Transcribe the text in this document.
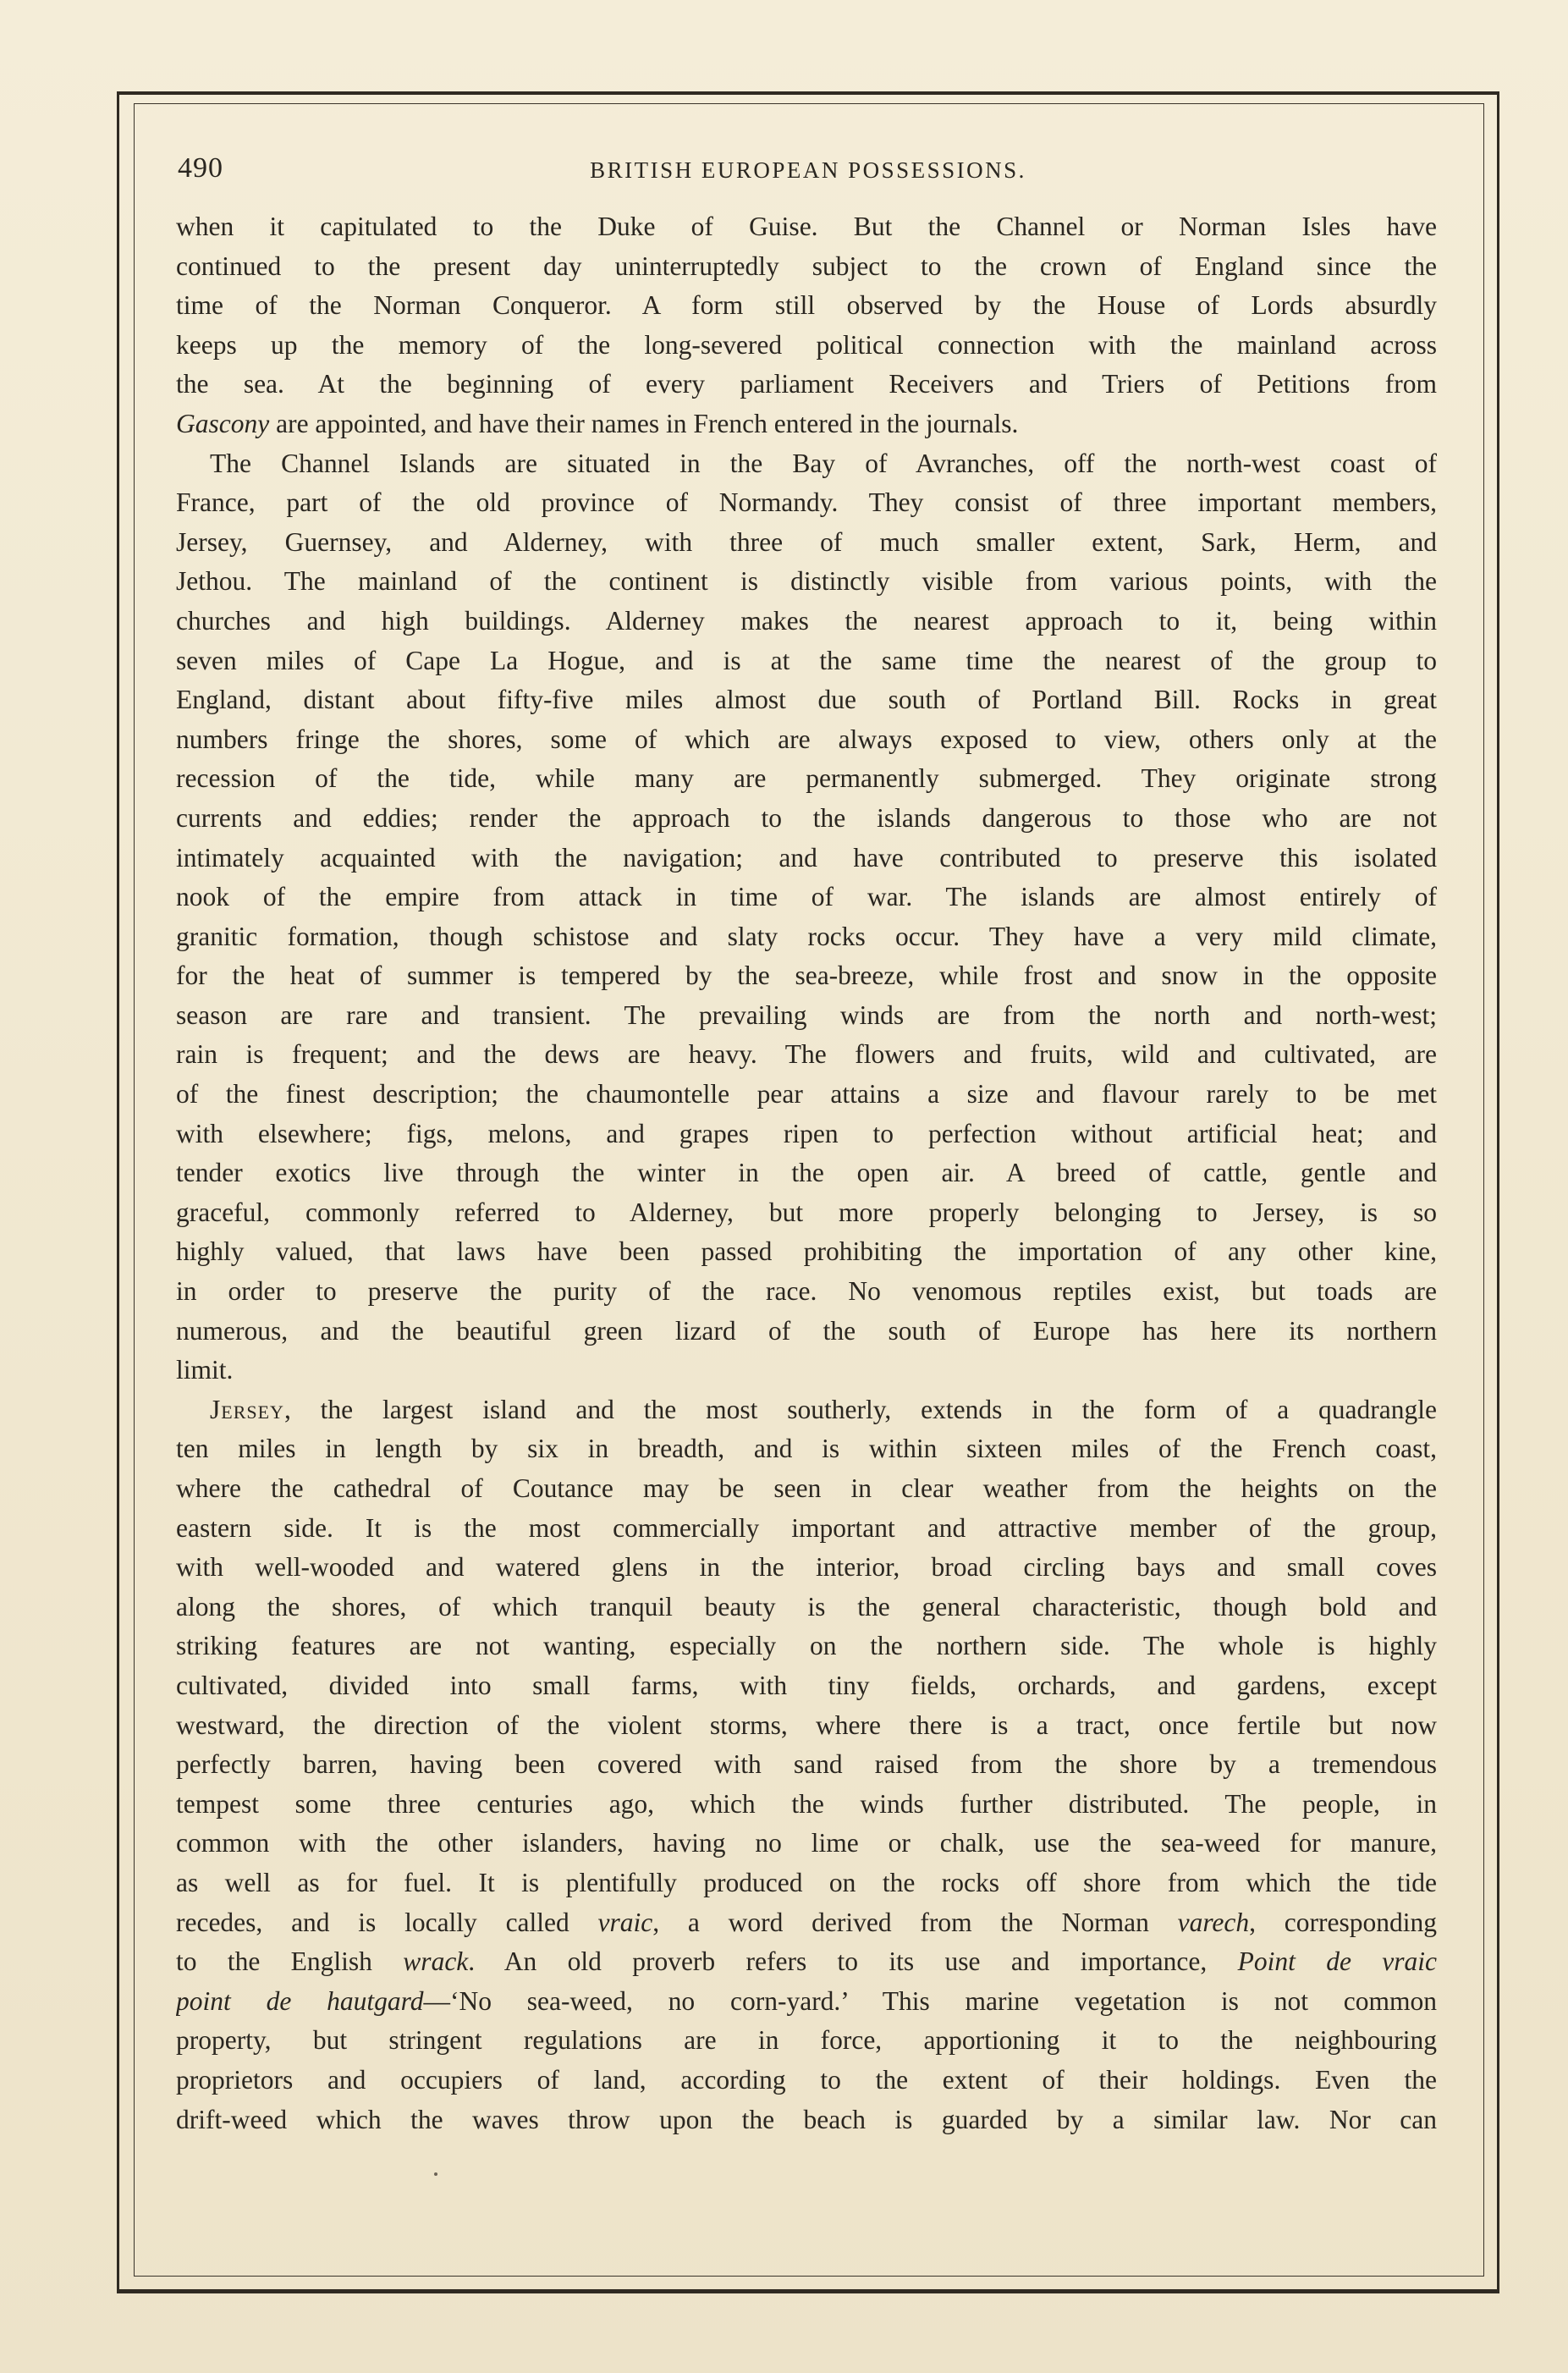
490	BRITISH EUROPEAN POSSESSIONS.
when it capitulated to the Duke of Guise. But the Channel or Norman Isles have
continued to the present day uninterruptedly subject to the crown of England since the
time of the Norman Conqueror. A form still observed by the House of Lords absurdly
keeps up the memory of the long-severed political connection with the mainland across
the sea. At the beginning of every parliament Receivers and Triers of Petitions from
Gascony are appointed, and have their names in French entered in the journals.
The Channel Islands are situated in the Bay of Avranches, off the north-west coast of
France, part of the old province of Normandy. They consist of three important members,
Jersey, Guernsey, and Alderney, with three of much smaller extent, Sark, Herm, and
Jethou. The mainland of the continent is distinctly visible from various points, with the
churches and high buildings. Alderney makes the nearest approach to it, being within
seven miles of Cape La Hogue, and is at the same time the nearest of the group to
England, distant about fifty-five miles almost due south of Portland Bill. Rocks in great
numbers fringe the shores, some of which are always exposed to view, others only at the
recession of the tide, while many are permanently submerged. They originate strong
currents and eddies; render the approach to the islands dangerous to those who are not
intimately acquainted with the navigation; and have contributed to preserve this isolated
nook of the empire from attack in time of war. The islands are almost entirely of
granitic formation, though schistose and slaty rocks occur. They have a very mild climate,
for the heat of summer is tempered by the sea-breeze, while frost and snow in the opposite
season are rare and transient. The prevailing winds are from the north and north-west;
rain is frequent; and the dews are heavy. The flowers and fruits, wild and cultivated, are
of the finest description; the chaumontelle pear attains a size and flavour rarely to be met
with elsewhere; figs, melons, and grapes ripen to perfection without artificial heat; and
tender exotics live through the winter in the open air. A breed of cattle, gentle and
graceful, commonly referred to Alderney, but more properly belonging to Jersey, is so
highly valued, that laws have been passed prohibiting the importation of any other kine,
in order to preserve the purity of the race. No venomous reptiles exist, but toads are
numerous, and the beautiful green lizard of the south of Europe has here its northern
limit.
Jersey, the largest island and the most southerly, extends in the form of a quadrangle
ten miles in length by six in breadth, and is within sixteen miles of the French coast,
where the cathedral of Coutance may be seen in clear weather from the heights on the
eastern side. It is the most commercially important and attractive member of the group,
with well-wooded and watered glens in the interior, broad circling bays and small coves
along the shores, of which tranquil beauty is the general characteristic, though bold and
striking features are not wanting, especially on the northern side. The whole is highly
cultivated, divided into small farms, with tiny fields, orchards, and gardens, except
westward, the direction of the violent storms, where there is a tract, once fertile but now
perfectly barren, having been covered with sand raised from the shore by a tremendous
tempest some three centuries ago, which the winds further distributed. The people, in
common with the other islanders, having no lime or chalk, use the sea-weed for manure,
as well as for fuel. It is plentifully produced on the rocks off shore from which the tide
recedes, and is locally called vraic, a word derived from the Norman varech, corresponding
to the English wrack. An old proverb refers to its use and importance, Point de vraic
point de hautgard—‘No sea-weed, no corn-yard.’ This marine vegetation is not common
property, but stringent regulations are in force, apportioning it to the neighbouring
proprietors and occupiers of land, according to the extent of their holdings. Even the
drift-weed which the waves throw upon the beach is guarded by a similar law. Nor can
